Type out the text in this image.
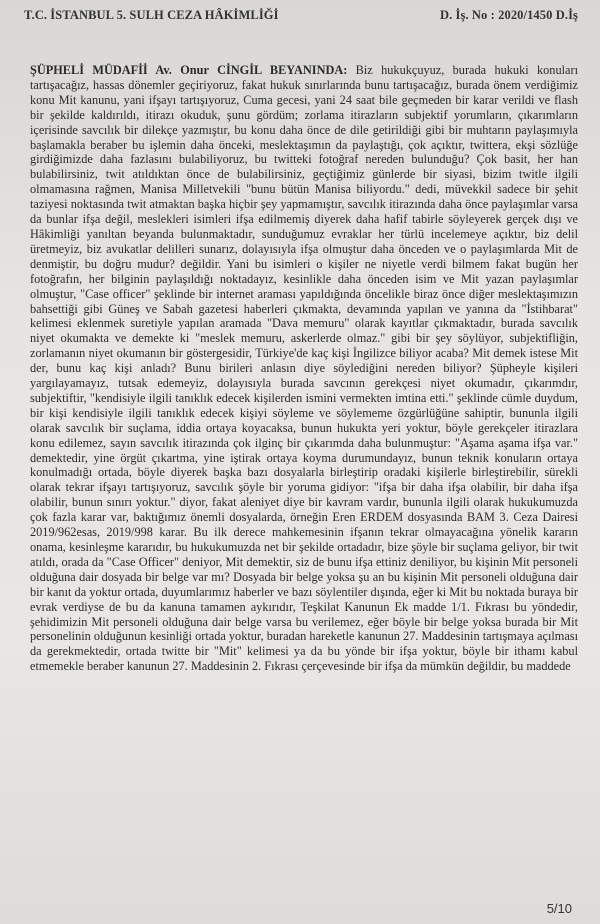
T.C. İSTANBUL 5. SULH CEZA HÂKİMLİĞİ	D. İş. No : 2020/1450 D.İş
ŞÜPHELİ MÜDAFİİ Av. Onur CİNGİL BEYANINDA: Biz hukukçuyuz, burada hukuki konuları tartışacağız, hassas dönemler geçiriyoruz, fakat hukuk sınırlarında bunu tartışacağız, burada önem verdiğimiz konu Mit kanunu, yani ifşayı tartışıyoruz, Cuma gecesi, yani 24 saat bile geçmeden bir karar verildi ve flash bir şekilde kaldırıldı, itirazı okuduk, şunu gördüm; zorlama itirazların subjektif yorumların, çıkarımların içerisinde savcılık bir dilekçe yazmıştır, bu konu daha önce de dile getirildiği gibi bir muhtarın paylaşımıyla başlamakla beraber bu işlemin daha önceki, meslektaşımın da paylaştığı, çok açıktır, twittera, ekşi sözlüğe girdiğimizde daha fazlasını bulabiliyoruz, bu twitteki fotoğraf nereden bulunduğu? Çok basit, her han bulabilirsiniz, twit atıldıktan önce de bulabilirsiniz, geçtiğimiz günlerde bir siyasi, bizim twitle ilgili olmamasına rağmen, Manisa Milletvekili "bunu bütün Manisa biliyordu." dedi, müvekkil sadece bir şehit taziyesi noktasında twit atmaktan başka hiçbir şey yapmamıştır, savcılık itirazında daha önce paylaşımlar varsa da bunlar ifşa değil, meslekleri isimleri ifşa edilmemiş diyerek daha hafif tabirle söyleyerek gerçek dışı ve Hâkimliği yanıltan beyanda bulunmaktadır, sunduğumuz evraklar her türlü incelemeye açıktır, biz delil üretmeyiz, biz avukatlar delilleri sunarız, dolayısıyla ifşa olmuştur daha önceden ve o paylaşımlarda Mit de denmiştir, bu doğru mudur? değildir. Yani bu isimleri o kişiler ne niyetle verdi bilmem fakat bugün her fotoğrafın, her bilginin paylaşıldığı noktadayız, kesinlikle daha önceden isim ve Mit yazan paylaşımlar olmuştur, "Case officer" şeklinde bir internet araması yapıldığında öncelikle biraz önce diğer meslektaşımızın bahsettiği gibi Güneş ve Sabah gazetesi haberleri çıkmakta, devamında yapılan ve yanına da "İstihbarat" kelimesi eklenmek suretiyle yapılan aramada "Dava memuru" olarak kayıtlar çıkmaktadır, burada savcılık niyet okumakta ve demekte ki "meslek memuru, askerlerde olmaz." gibi bir şey söylüyor, subjektifliğin, zorlamanın niyet okumanın bir göstergesidir, Türkiye'de kaç kişi İngilizce biliyor acaba? Mit demek istese Mit der, bunu kaç kişi anladı? Bunu birileri anlasın diye söylediğini nereden biliyor? Şüpheyle kişileri yargılayamayız, tutsak edemeyiz, dolayısıyla burada savcının gerekçesi niyet okumadır, çıkarımdır, subjektiftir, "kendisiyle ilgili tanıklık edecek kişilerden ismini vermekten imtina etti." şeklinde cümle duydum, bir kişi kendisiyle ilgili tanıklık edecek kişiyi söyleme ve söylememe özgürlüğüne sahiptir, bununla ilgili olarak savcılık bir suçlama, iddia ortaya koyacaksa, bunun hukukta yeri yoktur, böyle gerekçeler itirazlara konu edilemez, sayın savcılık itirazında çok ilginç bir çıkarımda daha bulunmuştur: "Aşama aşama ifşa var." demektedir, yine örgüt çıkartma, yine iştirak ortaya koyma durumundayız, bunun teknik konuların ortaya konulmadığı ortada, böyle diyerek başka bazı dosyalarla birleştirip oradaki kişilerle birleştirebilir, sürekli olarak tekrar ifşayı tartışıyoruz, savcılık şöyle bir yoruma gidiyor: "ifşa bir daha ifşa olabilir, bir daha ifşa olabilir, bunun sınırı yoktur." diyor, fakat aleniyet diye bir kavram vardır, bununla ilgili olarak hukukumuzda çok fazla karar var, baktığımız önemli dosyalarda, örneğin Eren ERDEM dosyasında BAM 3. Ceza Dairesi 2019/962esas, 2019/998 karar. Bu ilk derece mahkemesinin ifşanın tekrar olmayacağına yönelik kararın onama, kesinleşme kararıdır, bu hukukumuzda net bir şekilde ortadadır, bize şöyle bir suçlama geliyor, bir twit atıldı, orada da "Case Officer" deniyor, Mit demektir, siz de bunu ifşa ettiniz deniliyor, bu kişinin Mit personeli olduğuna dair dosyada bir belge var mı? Dosyada bir belge yoksa şu an bu kişinin Mit personeli olduğuna dair bir kanıt da yoktur ortada, duyumlarımız haberler ve bazı söylentiler dışında, eğer ki Mit bu noktada buraya bir evrak verdiyse de bu da kanuna tamamen aykırıdır, Teşkilat Kanunun Ek madde 1/1. Fıkrası bu yöndedir, şehidimizin Mit personeli olduğuna dair belge varsa bu verilemez, eğer böyle bir belge yoksa burada bir Mit personelinin olduğunun kesinliği ortada yoktur, buradan hareketle kanunun 27. Maddesinin tartışmaya açılması da gerekmektedir, ortada twitte bir "Mit" kelimesi ya da bu yönde bir ifşa yoktur, böyle bir ithamı kabul etmemekle beraber kanunun 27. Maddesinin 2. Fıkrası çerçevesinde bir ifşa da mümkün değildir, bu maddede
5/10
